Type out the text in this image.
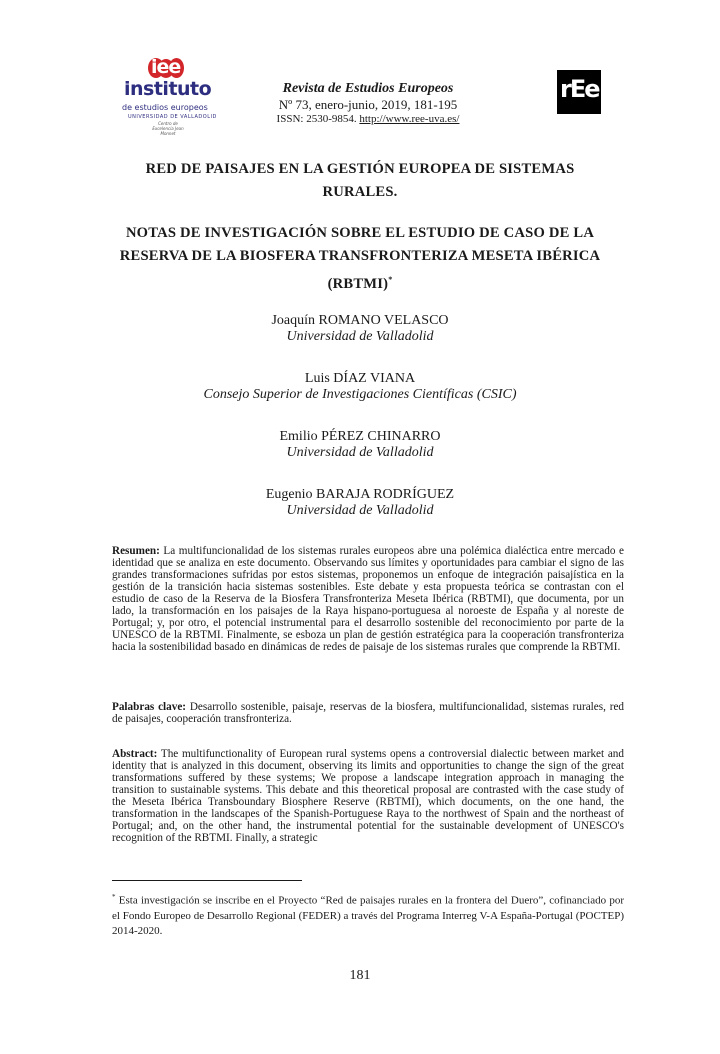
iee
instituto
de estudios europeos
UNIVERSIDAD DE VALLADOLID
Centro de Excelencia Jean Monnet
Revista de Estudios Europeos
Nº 73, enero-junio, 2019, 181-195
ISSN: 2530-9854. http://www.ree-uva.es/
rEe
RED DE PAISAJES EN LA GESTIÓN EUROPEA DE SISTEMAS RURALES.
NOTAS DE INVESTIGACIÓN SOBRE EL ESTUDIO DE CASO DE LA RESERVA DE LA BIOSFERA TRANSFRONTERIZA MESETA IBÉRICA (RBTMI)*
Joaquín ROMANO VELASCO
Universidad de Valladolid
Luis DÍAZ VIANA
Consejo Superior de Investigaciones Científicas (CSIC)
Emilio PÉREZ CHINARRO
Universidad de Valladolid
Eugenio BARAJA RODRÍGUEZ
Universidad de Valladolid
Resumen: La multifuncionalidad de los sistemas rurales europeos abre una polémica dialéctica entre mercado e identidad que se analiza en este documento. Observando sus límites y oportunidades para cambiar el signo de las grandes transformaciones sufridas por estos sistemas, proponemos un enfoque de integración paisajística en la gestión de la transición hacia sistemas sostenibles. Este debate y esta propuesta teórica se contrastan con el estudio de caso de la Reserva de la Biosfera Transfronteriza Meseta Ibérica (RBTMI), que documenta, por un lado, la transformación en los paisajes de la Raya hispano-portuguesa al noroeste de España y al noreste de Portugal; y, por otro, el potencial instrumental para el desarrollo sostenible del reconocimiento por parte de la UNESCO de la RBTMI. Finalmente, se esboza un plan de gestión estratégica para la cooperación transfronteriza hacia la sostenibilidad basado en dinámicas de redes de paisaje de los sistemas rurales que comprende la RBTMI.
Palabras clave: Desarrollo sostenible, paisaje, reservas de la biosfera, multifuncionalidad, sistemas rurales, red de paisajes, cooperación transfronteriza.
Abstract: The multifunctionality of European rural systems opens a controversial dialectic between market and identity that is analyzed in this document, observing its limits and opportunities to change the sign of the great transformations suffered by these systems; We propose a landscape integration approach in managing the transition to sustainable systems. This debate and this theoretical proposal are contrasted with the case study of the Meseta Ibérica Transboundary Biosphere Reserve (RBTMI), which documents, on the one hand, the transformation in the landscapes of the Spanish-Portuguese Raya to the northwest of Spain and the northeast of Portugal; and, on the other hand, the instrumental potential for the sustainable development of UNESCO's recognition of the RBTMI. Finally, a strategic
* Esta investigación se inscribe en el Proyecto “Red de paisajes rurales en la frontera del Duero”, cofinanciado por el Fondo Europeo de Desarrollo Regional (FEDER) a través del Programa Interreg V-A España-Portugal (POCTEP) 2014-2020.
181
